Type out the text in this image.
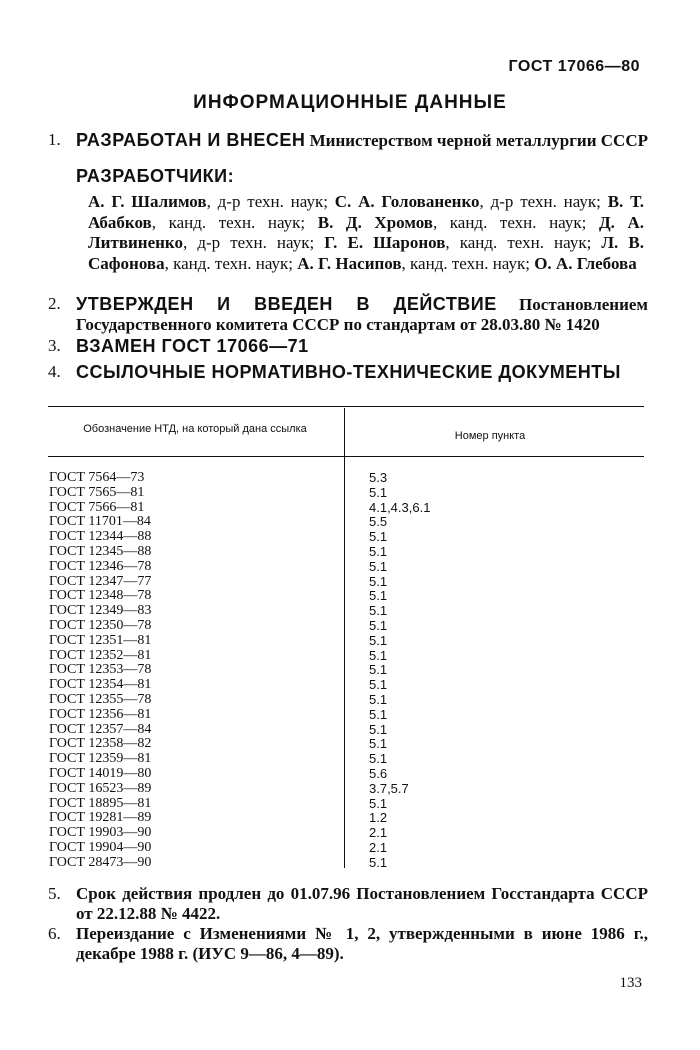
ГОСТ 17066—80
ИНФОРМАЦИОННЫЕ ДАННЫЕ
1. РАЗРАБОТАН И ВНЕСЕН Министерством черной металлургии СССР
РАЗРАБОТЧИКИ:
А. Г. Шалимов, д-р техн. наук; С. А. Голованенко, д-р техн. наук; В. Т. Абабков, канд. техн. наук; В. Д. Хромов, канд. техн. наук; Д. А. Литвиненко, д-р техн. наук; Г. Е. Шаронов, канд. техн. наук; Л. В. Сафонова, канд. техн. наук; А. Г. Насипов, канд. техн. наук; О. А. Глебова
2. УТВЕРЖДЕН И ВВЕДЕН В ДЕЙСТВИЕ Постановлением Государственного комитета СССР по стандартам от 28.03.80 № 1420
3. ВЗАМЕН ГОСТ 17066—71
4. ССЫЛОЧНЫЕ НОРМАТИВНО-ТЕХНИЧЕСКИЕ ДОКУМЕНТЫ
Обозначение НТД, на который дана ссылка
Номер пункта
ГОСТ 7564—73	5.3
ГОСТ 7565—81	5.1
ГОСТ 7566—81	4.1,4.3,6.1
ГОСТ 11701—84	5.5
ГОСТ 12344—88	5.1
ГОСТ 12345—88	5.1
ГОСТ 12346—78	5.1
ГОСТ 12347—77	5.1
ГОСТ 12348—78	5.1
ГОСТ 12349—83	5.1
ГОСТ 12350—78	5.1
ГОСТ 12351—81	5.1
ГОСТ 12352—81	5.1
ГОСТ 12353—78	5.1
ГОСТ 12354—81	5.1
ГОСТ 12355—78	5.1
ГОСТ 12356—81	5.1
ГОСТ 12357—84	5.1
ГОСТ 12358—82	5.1
ГОСТ 12359—81	5.1
ГОСТ 14019—80	5.6
ГОСТ 16523—89	3.7,5.7
ГОСТ 18895—81	5.1
ГОСТ 19281—89	1.2
ГОСТ 19903—90	2.1
ГОСТ 19904—90	2.1
ГОСТ 28473—90	5.1
5. Срок действия продлен до 01.07.96 Постановлением Госстандарта СССР от 22.12.88 № 4422.
6. Переиздание с Изменениями № 1, 2, утвержденными в июне 1986 г., декабре 1988 г. (ИУС 9—86, 4—89).
133
